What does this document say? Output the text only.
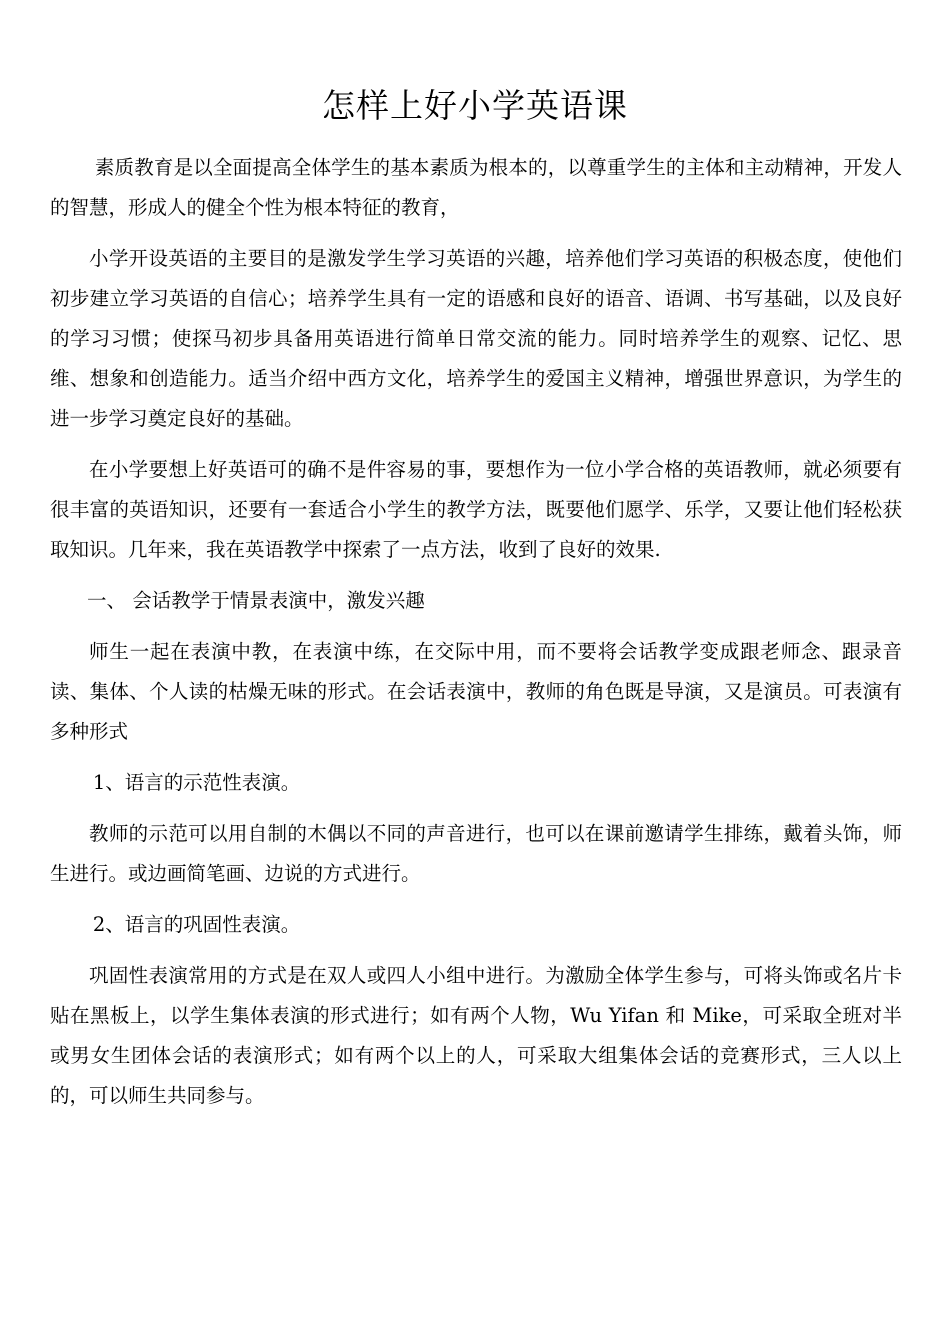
怎样上好小学英语课

素质教育是以全面提高全体学生的基本素质为根本的，以尊重学生的主体和主动精神，开发人的智慧，形成人的健全个性为根本特征的教育，

小学开设英语的主要目的是激发学生学习英语的兴趣，培养他们学习英语的积极态度，使他们初步建立学习英语的自信心；培养学生具有一定的语感和良好的语音、语调、书写基础，以及良好的学习习惯；使探马初步具备用英语进行简单日常交流的能力。同时培养学生的观察、记忆、思维、想象和创造能力。适当介绍中西方文化，培养学生的爱国主义精神，增强世界意识，为学生的进一步学习奠定良好的基础。

在小学要想上好英语可的确不是件容易的事，要想作为一位小学合格的英语教师，就必须要有很丰富的英语知识，还要有一套适合小学生的教学方法，既要他们愿学、乐学，又要让他们轻松获取知识。几年来，我在英语教学中探索了一点方法，收到了良好的效果.

一、 会话教学于情景表演中，激发兴趣

师生一起在表演中教，在表演中练，在交际中用，而不要将会话教学变成跟老师念、跟录音读、集体、个人读的枯燥无味的形式。在会话表演中，教师的角色既是导演，又是演员。可表演有多种形式

1、语言的示范性表演。

教师的示范可以用自制的木偶以不同的声音进行，也可以在课前邀请学生排练，戴着头饰，师生进行。或边画简笔画、边说的方式进行。

2、语言的巩固性表演。

巩固性表演常用的方式是在双人或四人小组中进行。为激励全体学生参与，可将头饰或名片卡贴在黑板上，以学生集体表演的形式进行；如有两个人物，Wu Yifan 和 Mike，可采取全班对半或男女生团体会话的表演形式；如有两个以上的人，可采取大组集体会话的竞赛形式，三人以上的，可以师生共同参与。
